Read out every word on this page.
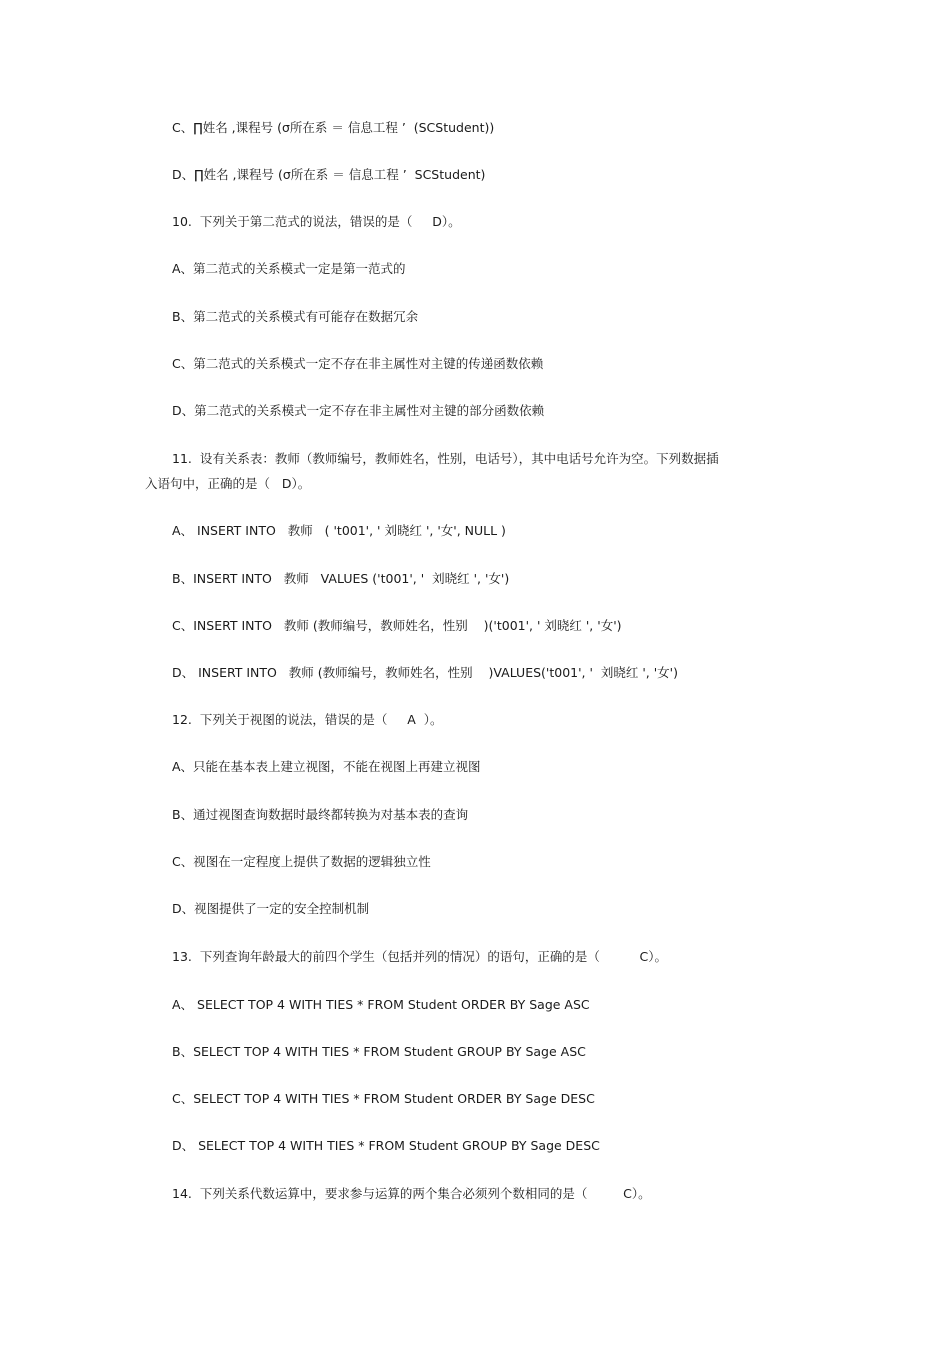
C、∏姓名 ,课程号 (σ所在系 ＝ 信息工程 ’  (SCStudent))
D、∏姓名 ,课程号 (σ所在系 ＝ 信息工程 ’  SCStudent)
10.  下列关于第二范式的说法，错误的是（     D）。
A、第二范式的关系模式一定是第一范式的
B、第二范式的关系模式有可能存在数据冗余
C、第二范式的关系模式一定不存在非主属性对主键的传递函数依赖
D、第二范式的关系模式一定不存在非主属性对主键的部分函数依赖
11.  设有关系表：教师（教师编号，教师姓名，性别，电话号），其中电话号允许为空。下列数据插
入语句中，正确的是（   D）。
A、 INSERT INTO   教师   ( 't001', ' 刘晓红 ', '女', NULL )
B、INSERT INTO   教师   VALUES ('t001', '  刘晓红 ', '女')
C、INSERT INTO   教师 (教师编号，教师姓名，性别    )('t001', ' 刘晓红 ', '女')
D、 INSERT INTO   教师 (教师编号，教师姓名，性别    )VALUES('t001', '  刘晓红 ', '女')
12.  下列关于视图的说法，错误的是（     A  ）。
A、只能在基本表上建立视图，不能在视图上再建立视图
B、通过视图查询数据时最终都转换为对基本表的查询
C、视图在一定程度上提供了数据的逻辑独立性
D、视图提供了一定的安全控制机制
13.  下列查询年龄最大的前四个学生（包括并列的情况）的语句，正确的是（          C）。
A、 SELECT TOP 4 WITH TIES * FROM Student ORDER BY Sage ASC
B、SELECT TOP 4 WITH TIES * FROM Student GROUP BY Sage ASC
C、SELECT TOP 4 WITH TIES * FROM Student ORDER BY Sage DESC
D、 SELECT TOP 4 WITH TIES * FROM Student GROUP BY Sage DESC
14.  下列关系代数运算中，要求参与运算的两个集合必须列个数相同的是（         C）。
